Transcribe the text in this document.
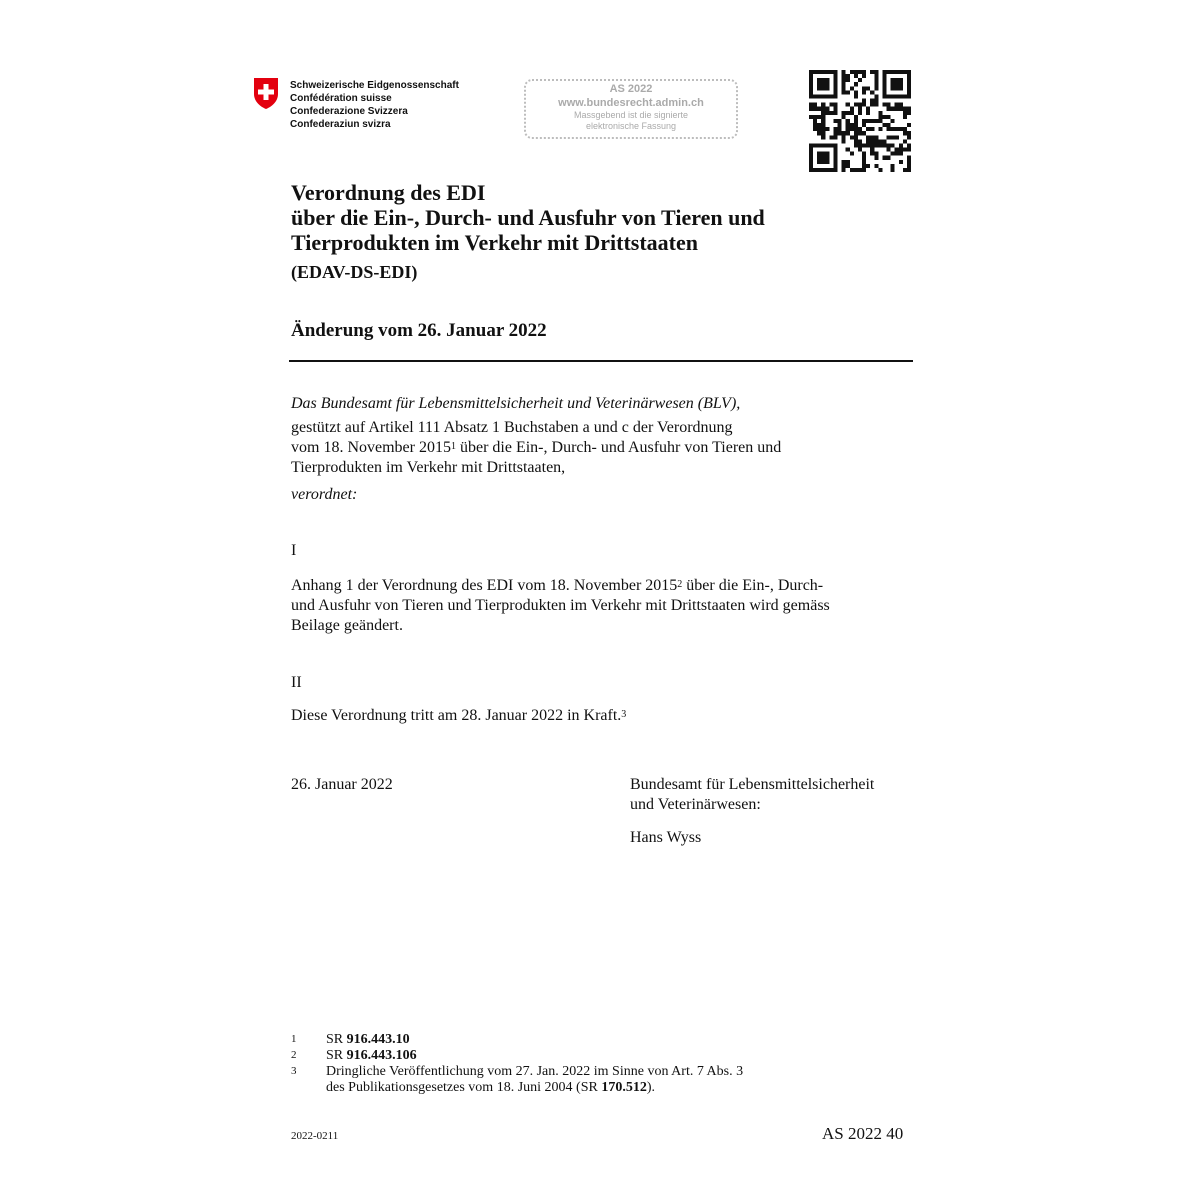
Schweizerische Eidgenossenschaft
Confédération suisse
Confederazione Svizzera
Confederaziun svizra
AS 2022
www.bundesrecht.admin.ch
Massgebend ist die signierte
elektronische Fassung
Verordnung des EDI
über die Ein-, Durch- und Ausfuhr von Tieren und
Tierprodukten im Verkehr mit Drittstaaten
(EDAV-DS-EDI)
Änderung vom 26. Januar 2022
Das Bundesamt für Lebensmittelsicherheit und Veterinärwesen (BLV),
gestützt auf Artikel 111 Absatz 1 Buchstaben a und c der Verordnung
vom 18. November 2015$^1$ über die Ein-, Durch- und Ausfuhr von Tieren und
Tierprodukten im Verkehr mit Drittstaaten,
verordnet:
I
Anhang 1 der Verordnung des EDI vom 18. November 2015$^2$ über die Ein-, Durch-
und Ausfuhr von Tieren und Tierprodukten im Verkehr mit Drittstaaten wird gemäss
Beilage geändert.
II
Diese Verordnung tritt am 28. Januar 2022 in Kraft.$^3$
26. Januar 2022	Bundesamt für Lebensmittelsicherheit
und Veterinärwesen:
Hans Wyss
1 SR 916.443.10
2 SR 916.443.106
3 Dringliche Veröffentlichung vom 27. Jan. 2022 im Sinne von Art. 7 Abs. 3
des Publikationsgesetzes vom 18. Juni 2004 (SR 170.512).
2022-0211	AS 2022 40
